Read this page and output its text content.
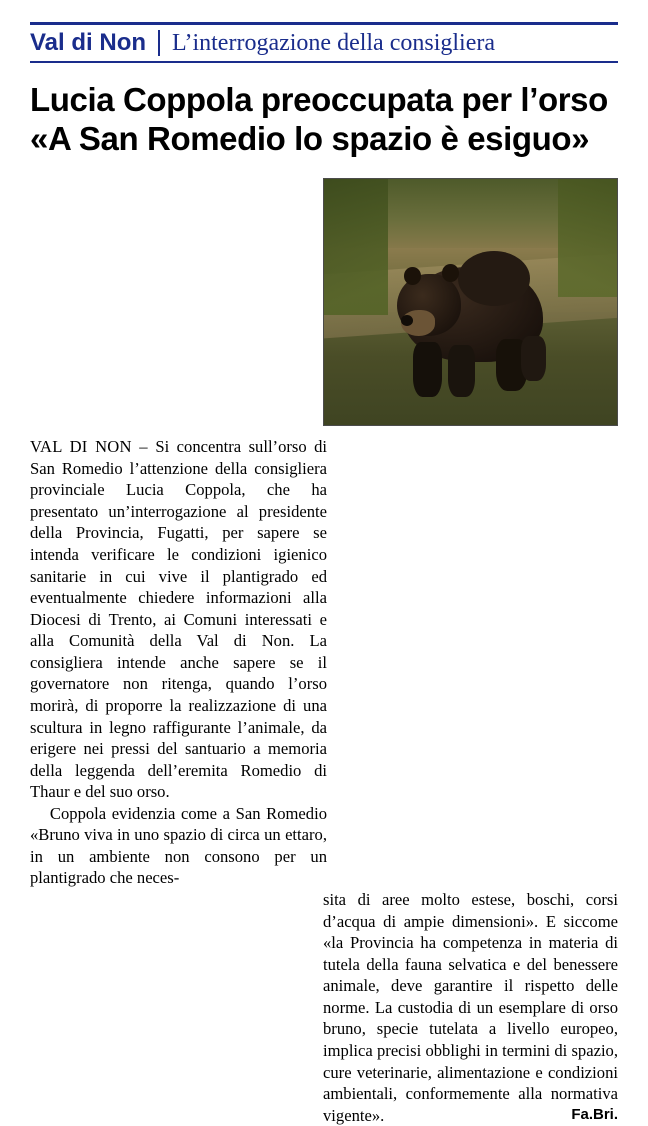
Val di Non	L’interrogazione della consigliera
Lucia Coppola preoccupata per l’orso
«A San Romedio lo spazio è esiguo»

VAL DI NON – Si concentra sull’orso di San Romedio l’attenzione della consigliera provinciale Lucia Coppola, che ha presentato un’interrogazione al presidente della Provincia, Fugatti, per sapere se intenda verificare le condizioni igienico sanitarie in cui vive il plantigrado ed eventualmente chiedere informazioni alla Diocesi di Trento, ai Comuni interessati e alla Comunità della Val di Non. La consigliera intende anche sapere se il governatore non ritenga, quando l’orso morirà, di proporre la realizzazione di una scultura in legno raffigurante l’animale, da erigere nei pressi del santuario a memoria della leggenda dell’eremita Romedio di Thaur e del suo orso.

Coppola evidenzia come a San Romedio «Bruno viva in uno spazio di circa un ettaro, in un ambiente non consono per un plantigrado che neces-

sita di aree molto estese, boschi, corsi d’acqua di ampie dimensioni». E siccome «la Provincia ha competenza in materia di tutela della fauna selvatica e del benessere animale, deve garantire il rispetto delle norme. La custodia di un esemplare di orso bruno, specie tutelata a livello europeo, implica precisi obblighi in termini di spazio, cure veterinarie, alimentazione e condizioni ambientali, conformemente alla normativa vigente».	Fa.Bri.
